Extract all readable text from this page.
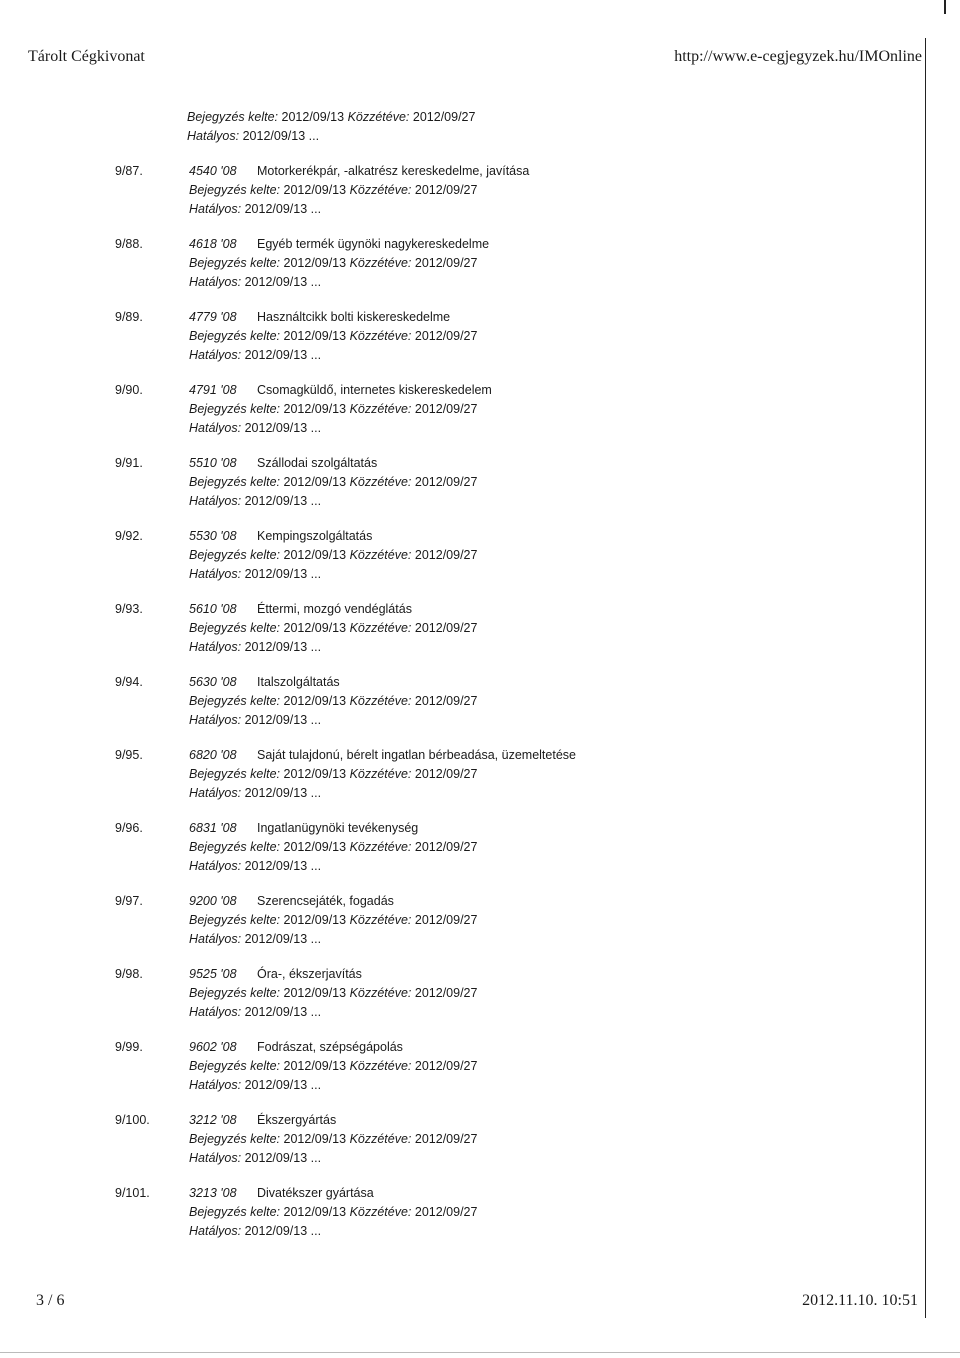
Tárolt Cégkivonat	http://www.e-cegjegyzek.hu/IMOnline
Bejegyzés kelte: 2012/09/13 Közzétéve: 2012/09/27
Hatályos: 2012/09/13 ...
9/87.	4540 '08 Motorkerékpár, -alkatrész kereskedelme, javítása
Bejegyzés kelte: 2012/09/13 Közzétéve: 2012/09/27
Hatályos: 2012/09/13 ...
9/88.	4618 '08 Egyéb termék ügynöki nagykereskedelme
Bejegyzés kelte: 2012/09/13 Közzétéve: 2012/09/27
Hatályos: 2012/09/13 ...
9/89.	4779 '08 Használtcikk bolti kiskereskedelme
Bejegyzés kelte: 2012/09/13 Közzétéve: 2012/09/27
Hatályos: 2012/09/13 ...
9/90.	4791 '08 Csomagküldő, internetes kiskereskedelem
Bejegyzés kelte: 2012/09/13 Közzétéve: 2012/09/27
Hatályos: 2012/09/13 ...
9/91.	5510 '08 Szállodai szolgáltatás
Bejegyzés kelte: 2012/09/13 Közzétéve: 2012/09/27
Hatályos: 2012/09/13 ...
9/92.	5530 '08 Kempingszolgáltatás
Bejegyzés kelte: 2012/09/13 Közzétéve: 2012/09/27
Hatályos: 2012/09/13 ...
9/93.	5610 '08 Éttermi, mozgó vendéglátás
Bejegyzés kelte: 2012/09/13 Közzétéve: 2012/09/27
Hatályos: 2012/09/13 ...
9/94.	5630 '08 Italszolgáltatás
Bejegyzés kelte: 2012/09/13 Közzétéve: 2012/09/27
Hatályos: 2012/09/13 ...
9/95.	6820 '08 Saját tulajdonú, bérelt ingatlan bérbeadása, üzemeltetése
Bejegyzés kelte: 2012/09/13 Közzétéve: 2012/09/27
Hatályos: 2012/09/13 ...
9/96.	6831 '08 Ingatlanügynöki tevékenység
Bejegyzés kelte: 2012/09/13 Közzétéve: 2012/09/27
Hatályos: 2012/09/13 ...
9/97.	9200 '08 Szerencsejáték, fogadás
Bejegyzés kelte: 2012/09/13 Közzétéve: 2012/09/27
Hatályos: 2012/09/13 ...
9/98.	9525 '08 Óra-, ékszerjavítás
Bejegyzés kelte: 2012/09/13 Közzétéve: 2012/09/27
Hatályos: 2012/09/13 ...
9/99.	9602 '08 Fodrászat, szépségápolás
Bejegyzés kelte: 2012/09/13 Közzétéve: 2012/09/27
Hatályos: 2012/09/13 ...
9/100.	3212 '08 Ékszergyártás
Bejegyzés kelte: 2012/09/13 Közzétéve: 2012/09/27
Hatályos: 2012/09/13 ...
9/101.	3213 '08 Divatékszer gyártása
Bejegyzés kelte: 2012/09/13 Közzétéve: 2012/09/27
Hatályos: 2012/09/13 ...
3 / 6	2012.11.10. 10:51
